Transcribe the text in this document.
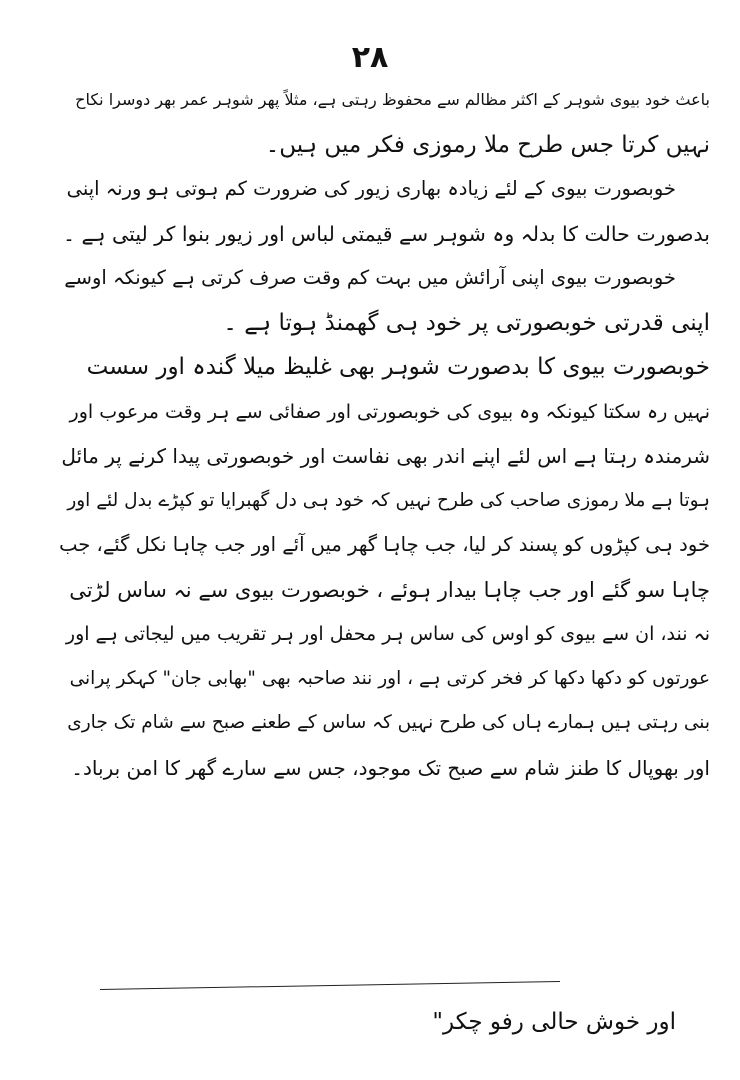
۲۸
باعث خود بیوی شوہر کے اکثر مظالم سے محفوظ رہتی ہے، مثلاً پھر شوہر عمر بھر دوسرا نکاح
نہیں کرتا جس طرح ملا رموزی فکر میں ہیں۔
خوبصورت بیوی کے لئے زیادہ بھاری زیور کی ضرورت کم ہوتی ہو ورنہ اپنی
بدصورت حالت کا بدلہ وہ شوہر سے قیمتی لباس اور زیور بنوا کر لیتی ہے ۔
خوبصورت بیوی اپنی آرائش میں بہت کم وقت صرف کرتی ہے کیونکہ اوسے
اپنی قدرتی خوبصورتی پر خود ہی گھمنڈ ہوتا ہے ۔
خوبصورت بیوی کا بدصورت شوہر بھی غلیظ میلا گندہ اور سست
نہیں رہ سکتا کیونکہ وہ بیوی کی خوبصورتی اور صفائی سے ہر وقت مرعوب اور
شرمندہ رہتا ہے اس لئے اپنے اندر بھی نفاست اور خوبصورتی پیدا کرنے پر مائل
ہوتا ہے ملا رموزی صاحب کی طرح نہیں کہ خود ہی دل گھبرایا تو کپڑے بدل لئے اور
خود ہی کپڑوں کو پسند کر لیا، جب چاہا گھر میں آئے اور جب چاہا نکل گئے، جب
چاہا سو گئے اور جب چاہا بیدار ہوئے ، خوبصورت بیوی سے نہ ساس لڑتی
نہ نند، ان سے بیوی کو اوس کی ساس ہر محفل اور ہر تقریب میں لیجاتی ہے اور
عورتوں کو دکھا دکھا کر فخر کرتی ہے ، اور نند صاحبہ بھی "بھابی جان" کہکر پرانی
بنی رہتی ہیں ہمارے ہاں کی طرح نہیں کہ ساس کے طعنے صبح سے شام تک جاری
اور بھوپال کا طنز شام سے صبح تک موجود، جس سے سارے گھر کا امن برباد۔
اور خوش حالی رفو چکر"
